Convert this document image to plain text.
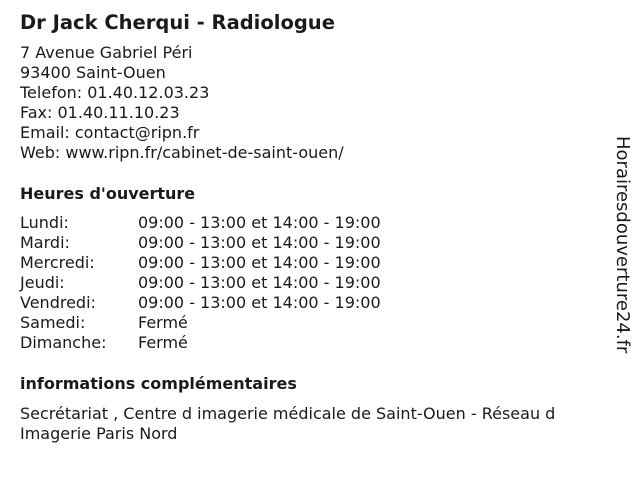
Dr Jack Cherqui - Radiologue
7 Avenue Gabriel Péri
93400 Saint-Ouen
Telefon: 01.40.12.03.23
Fax: 01.40.11.10.23
Email: contact@ripn.fr
Web: www.ripn.fr/cabinet-de-saint-ouen/
Heures d'ouverture
Lundi:	09:00 - 13:00 et 14:00 - 19:00
Mardi:	09:00 - 13:00 et 14:00 - 19:00
Mercredi:	09:00 - 13:00 et 14:00 - 19:00
Jeudi:	09:00 - 13:00 et 14:00 - 19:00
Vendredi:	09:00 - 13:00 et 14:00 - 19:00
Samedi:	Fermé
Dimanche:	Fermé
informations complémentaires
Secrétariat , Centre d imagerie médicale de Saint-Ouen - Réseau d Imagerie Paris Nord
Horairesdouverture24.fr
